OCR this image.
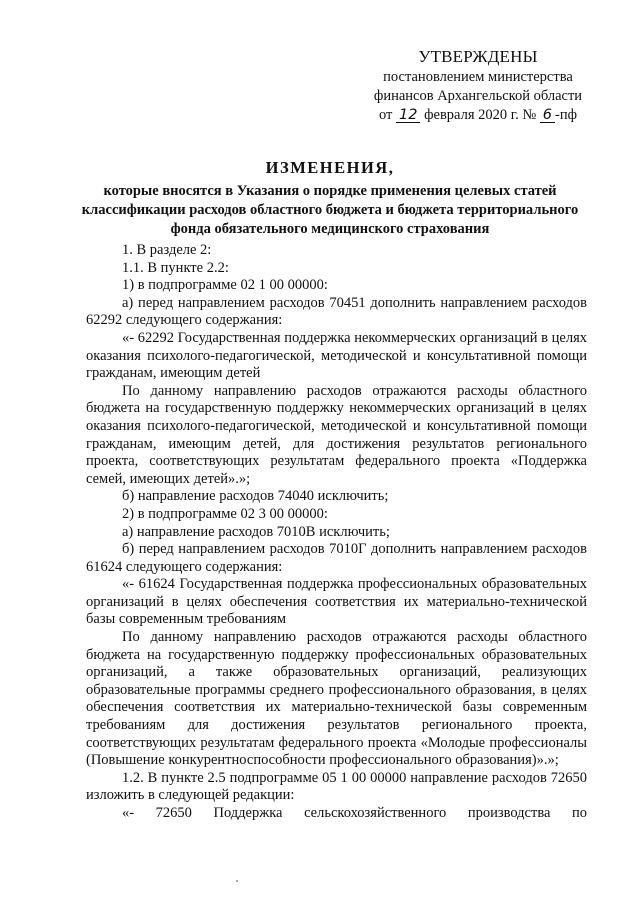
УТВЕРЖДЕНЫ
постановлением министерства
финансов Архангельской области
от 12 февраля 2020 г. № 6 -пф
ИЗМЕНЕНИЯ,
которые вносятся в Указания о порядке применения целевых статей классификации расходов областного бюджета и бюджета территориального фонда обязательного медицинского страхования

1. В разделе 2:

1.1. В пункте 2.2:

1) в подпрограмме 02 1 00 00000:

а) перед направлением расходов 70451 дополнить направлением расходов 62292 следующего содержания:

«- 62292 Государственная поддержка некоммерческих организаций в целях оказания психолого-педагогической, методической и консультативной помощи гражданам, имеющим детей

По данному направлению расходов отражаются расходы областного бюджета на государственную поддержку некоммерческих организаций в целях оказания психолого-педагогической, методической и консультативной помощи гражданам, имеющим детей, для достижения результатов регионального проекта, соответствующих результатам федерального проекта «Поддержка семей, имеющих детей».»;

б) направление расходов 74040 исключить;

2) в подпрограмме 02 3 00 00000:

а) направление расходов 7010В исключить;

б) перед направлением расходов 7010Г дополнить направлением расходов 61624 следующего содержания:

«- 61624 Государственная поддержка профессиональных образовательных организаций в целях обеспечения соответствия их материально-технической базы современным требованиям

По данному направлению расходов отражаются расходы областного бюджета на государственную поддержку профессиональных образовательных организаций, а также образовательных организаций, реализующих образовательные программы среднего профессионального образования, в целях обеспечения соответствия их материально-технической базы современным требованиям для достижения результатов регионального проекта, соответствующих результатам федерального проекта «Молодые профессионалы (Повышение конкурентноспособности профессионального образования)».»;

1.2. В пункте 2.5 подпрограмме 05 1 00 00000 направление расходов 72650 изложить в следующей редакции:

«- 72650 Поддержка сельскохозяйственного производства по
